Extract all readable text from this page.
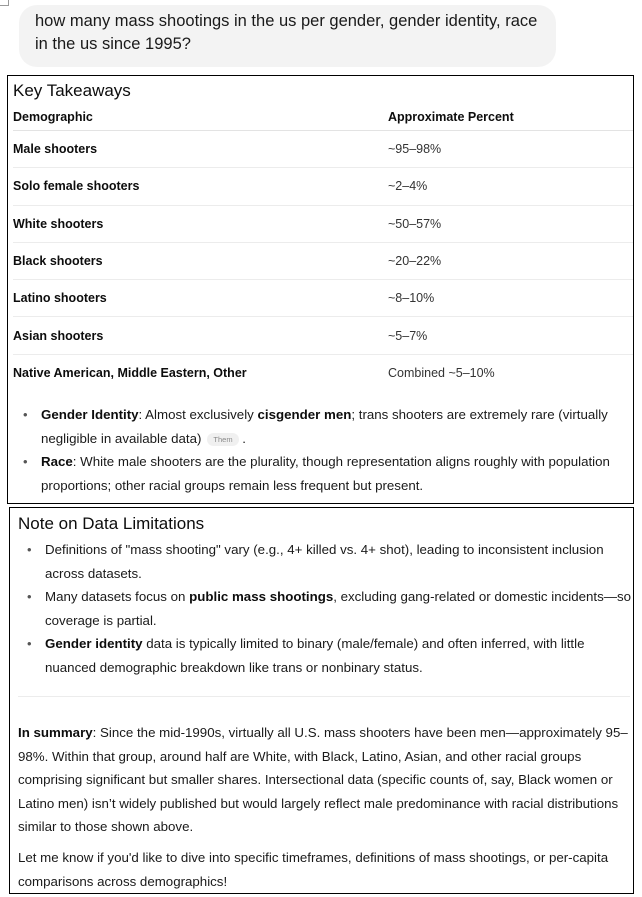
how many mass shootings in the us per gender, gender identity, race in the us since 1995?
Key Takeaways
Demographic	Approximate Percent
Male shooters	~95–98%
Solo female shooters	~2–4%
White shooters	~50–57%
Black shooters	~20–22%
Latino shooters	~8–10%
Asian shooters	~5–7%
Native American, Middle Eastern, Other	Combined ~5–10%
• Gender Identity: Almost exclusively cisgender men; trans shooters are extremely rare (virtually negligible in available data) Them .
• Race: White male shooters are the plurality, though representation aligns roughly with population proportions; other racial groups remain less frequent but present.
Note on Data Limitations
• Definitions of "mass shooting" vary (e.g., 4+ killed vs. 4+ shot), leading to inconsistent inclusion across datasets.
• Many datasets focus on public mass shootings, excluding gang-related or domestic incidents—so coverage is partial.
• Gender identity data is typically limited to binary (male/female) and often inferred, with little nuanced demographic breakdown like trans or nonbinary status.

In summary: Since the mid-1990s, virtually all U.S. mass shooters have been men—approximately 95–98%. Within that group, around half are White, with Black, Latino, Asian, and other racial groups comprising significant but smaller shares. Intersectional data (specific counts of, say, Black women or Latino men) isn’t widely published but would largely reflect male predominance with racial distributions similar to those shown above.

Let me know if you'd like to dive into specific timeframes, definitions of mass shootings, or per-capita comparisons across demographics!
